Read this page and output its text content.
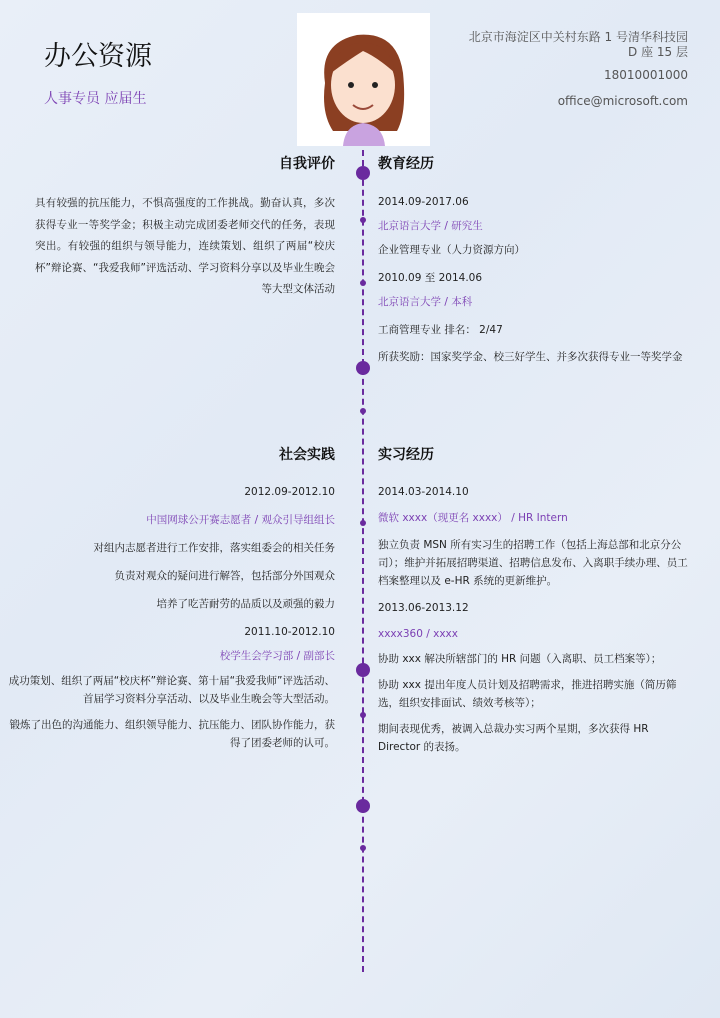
办公资源
人事专员 应届生
北京市海淀区中关村东路 1 号清华科技园 D 座 15 层
18010001000
office@microsoft.com
自我评价
具有较强的抗压能力，不惧高强度的工作挑战。勤奋认真，多次获得专业一等奖学金；积极主动完成团委老师交代的任务，表现突出。有较强的组织与领导能力，连续策划、组织了两届“校庆杯”辩论赛、“我爱我师”评选活动、学习资料分享以及毕业生晚会等大型文体活动
教育经历
2014.09-2017.06
北京语言大学 / 研究生
企业管理专业（人力资源方向）
2010.09 至 2014.06
北京语言大学 / 本科
工商管理专业 排名： 2/47
所获奖励：国家奖学金、校三好学生、并多次获得专业一等奖学金
社会实践
2012.09-2012.10
中国网球公开赛志愿者 / 观众引导组组长
对组内志愿者进行工作安排，落实组委会的相关任务
负责对观众的疑问进行解答，包括部分外国观众
培养了吃苦耐劳的品质以及顽强的毅力
2011.10-2012.10
校学生会学习部 / 副部长
成功策划、组织了两届“校庆杯”辩论赛、第十届“我爱我师”评选活动、首届学习资料分享活动、以及毕业生晚会等大型活动。
锻炼了出色的沟通能力、组织领导能力、抗压能力、团队协作能力，获得了团委老师的认可。
实习经历
2014.03-2014.10
微软 xxxx（现更名 xxxx） / HR Intern
独立负责 MSN 所有实习生的招聘工作（包括上海总部和北京分公司）；维护并拓展招聘渠道、招聘信息发布、入离职手续办理、员工档案整理以及 e-HR 系统的更新维护。
2013.06-2013.12
xxxx360 / xxxx
协助 xxx 解决所辖部门的 HR 问题（入离职、员工档案等）；
协助 xxx 提出年度人员计划及招聘需求，推进招聘实施（简历筛选，组织安排面试、绩效考核等）；
期间表现优秀，被调入总裁办实习两个星期，多次获得 HR Director 的表扬。
